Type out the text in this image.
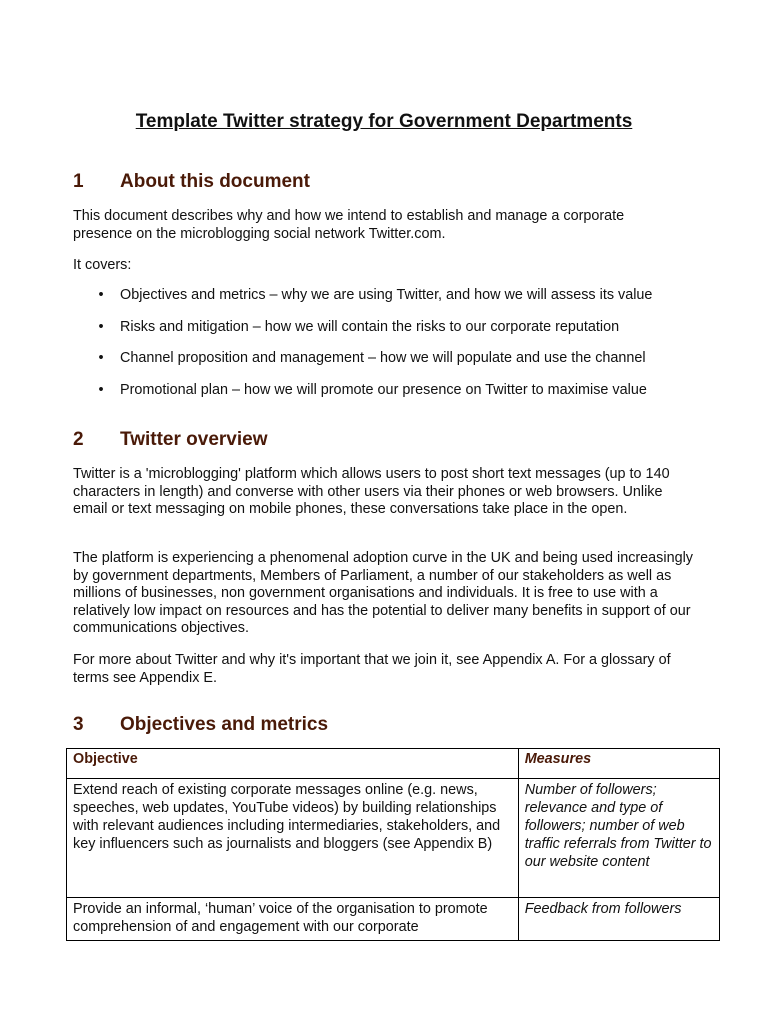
Template Twitter strategy for Government Departments
1 About this document

This document describes why and how we intend to establish and manage a corporate presence on the microblogging social network Twitter.com.

It covers:

• Objectives and metrics – why we are using Twitter, and how we will assess its value
• Risks and mitigation – how we will contain the risks to our corporate reputation
• Channel proposition and management – how we will populate and use the channel
• Promotional plan – how we will promote our presence on Twitter to maximise value
2 Twitter overview

Twitter is a 'microblogging' platform which allows users to post short text messages (up to 140 characters in length) and converse with other users via their phones or web browsers. Unlike email or text messaging on mobile phones, these conversations take place in the open.

The platform is experiencing a phenomenal adoption curve in the UK and being used increasingly by government departments, Members of Parliament, a number of our stakeholders as well as millions of businesses, non government organisations and individuals. It is free to use with a relatively low impact on resources and has the potential to deliver many benefits in support of our communications objectives.

For more about Twitter and why it's important that we join it, see Appendix A. For a glossary of terms see Appendix E.

3 Objectives and metrics
Objective	Measures
Extend reach of existing corporate messages online (e.g. news, speeches, web updates, YouTube videos) by building relationships with relevant audiences including intermediaries, stakeholders, and key influencers such as journalists and bloggers (see Appendix B)	Number of followers; relevance and type of followers; number of web traffic referrals from Twitter to our website content
Provide an informal, ‘human’ voice of the organisation to promote comprehension of and engagement with our corporate	Feedback from followers
